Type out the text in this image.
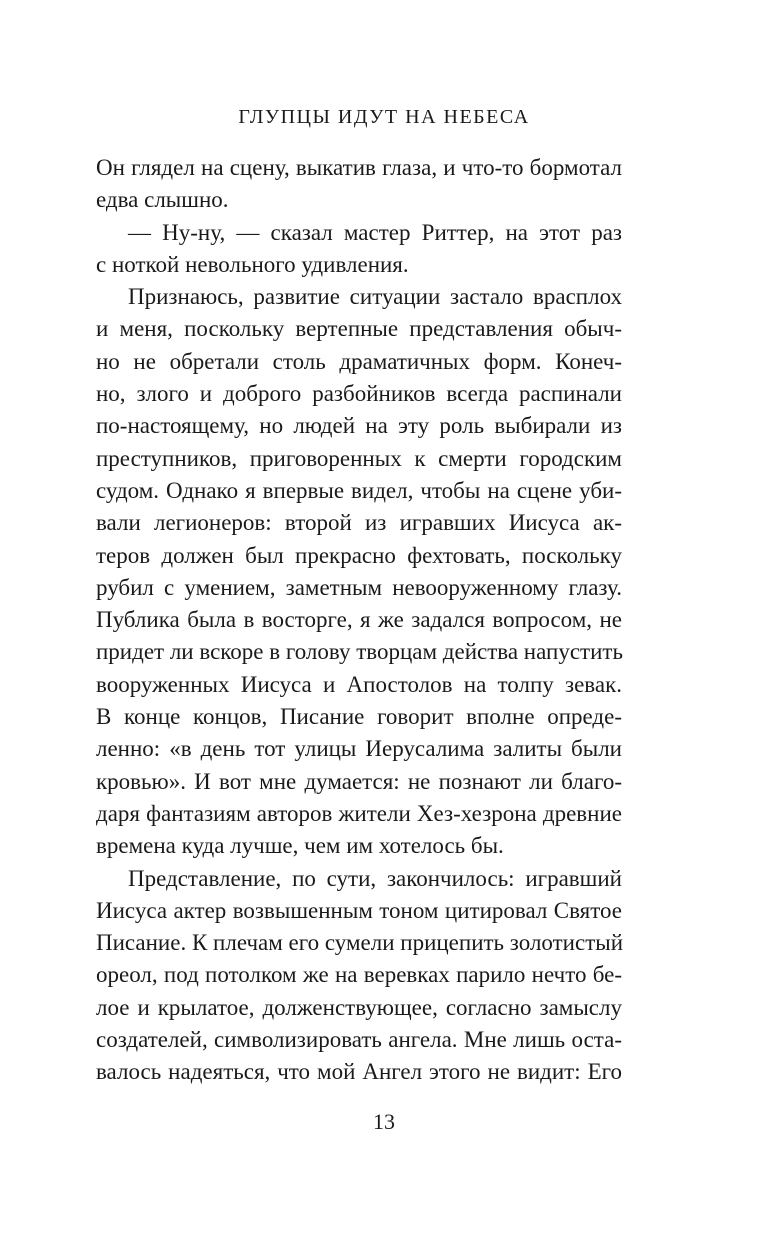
ГЛУПЦЫ ИДУТ НА НЕБЕСА

Он глядел на сцену, выкатив глаза, и что-то бормотал
едва слышно.

— Ну-ну, — сказал мастер Риттер, на этот раз
с ноткой невольного удивления.

Признаюсь, развитие ситуации застало врасплох
и меня, поскольку вертепные представления обыч-
но не обретали столь драматичных форм. Конеч-
но, злого и доброго разбойников всегда распинали
по-настоящему, но людей на эту роль выбирали из
преступников, приговоренных к смерти городским
судом. Однако я впервые видел, чтобы на сцене уби-
вали легионеров: второй из игравших Иисуса ак-
теров должен был прекрасно фехтовать, поскольку
рубил с умением, заметным невооруженному глазу.
Публика была в восторге, я же задался вопросом, не
придет ли вскоре в голову творцам действа напустить
вооруженных Иисуса и Апостолов на толпу зевак.
В конце концов, Писание говорит вполне опреде-
ленно: «в день тот улицы Иерусалима залиты были
кровью». И вот мне думается: не познают ли благо-
даря фантазиям авторов жители Хез-хезрона древние
времена куда лучше, чем им хотелось бы.

Представление, по сути, закончилось: игравший
Иисуса актер возвышенным тоном цитировал Святое
Писание. К плечам его сумели прицепить золотистый
ореол, под потолком же на веревках парило нечто бе-
лое и крылатое, долженствующее, согласно замыслу
создателей, символизировать ангела. Мне лишь оста-
валось надеяться, что мой Ангел этого не видит: Его

13
